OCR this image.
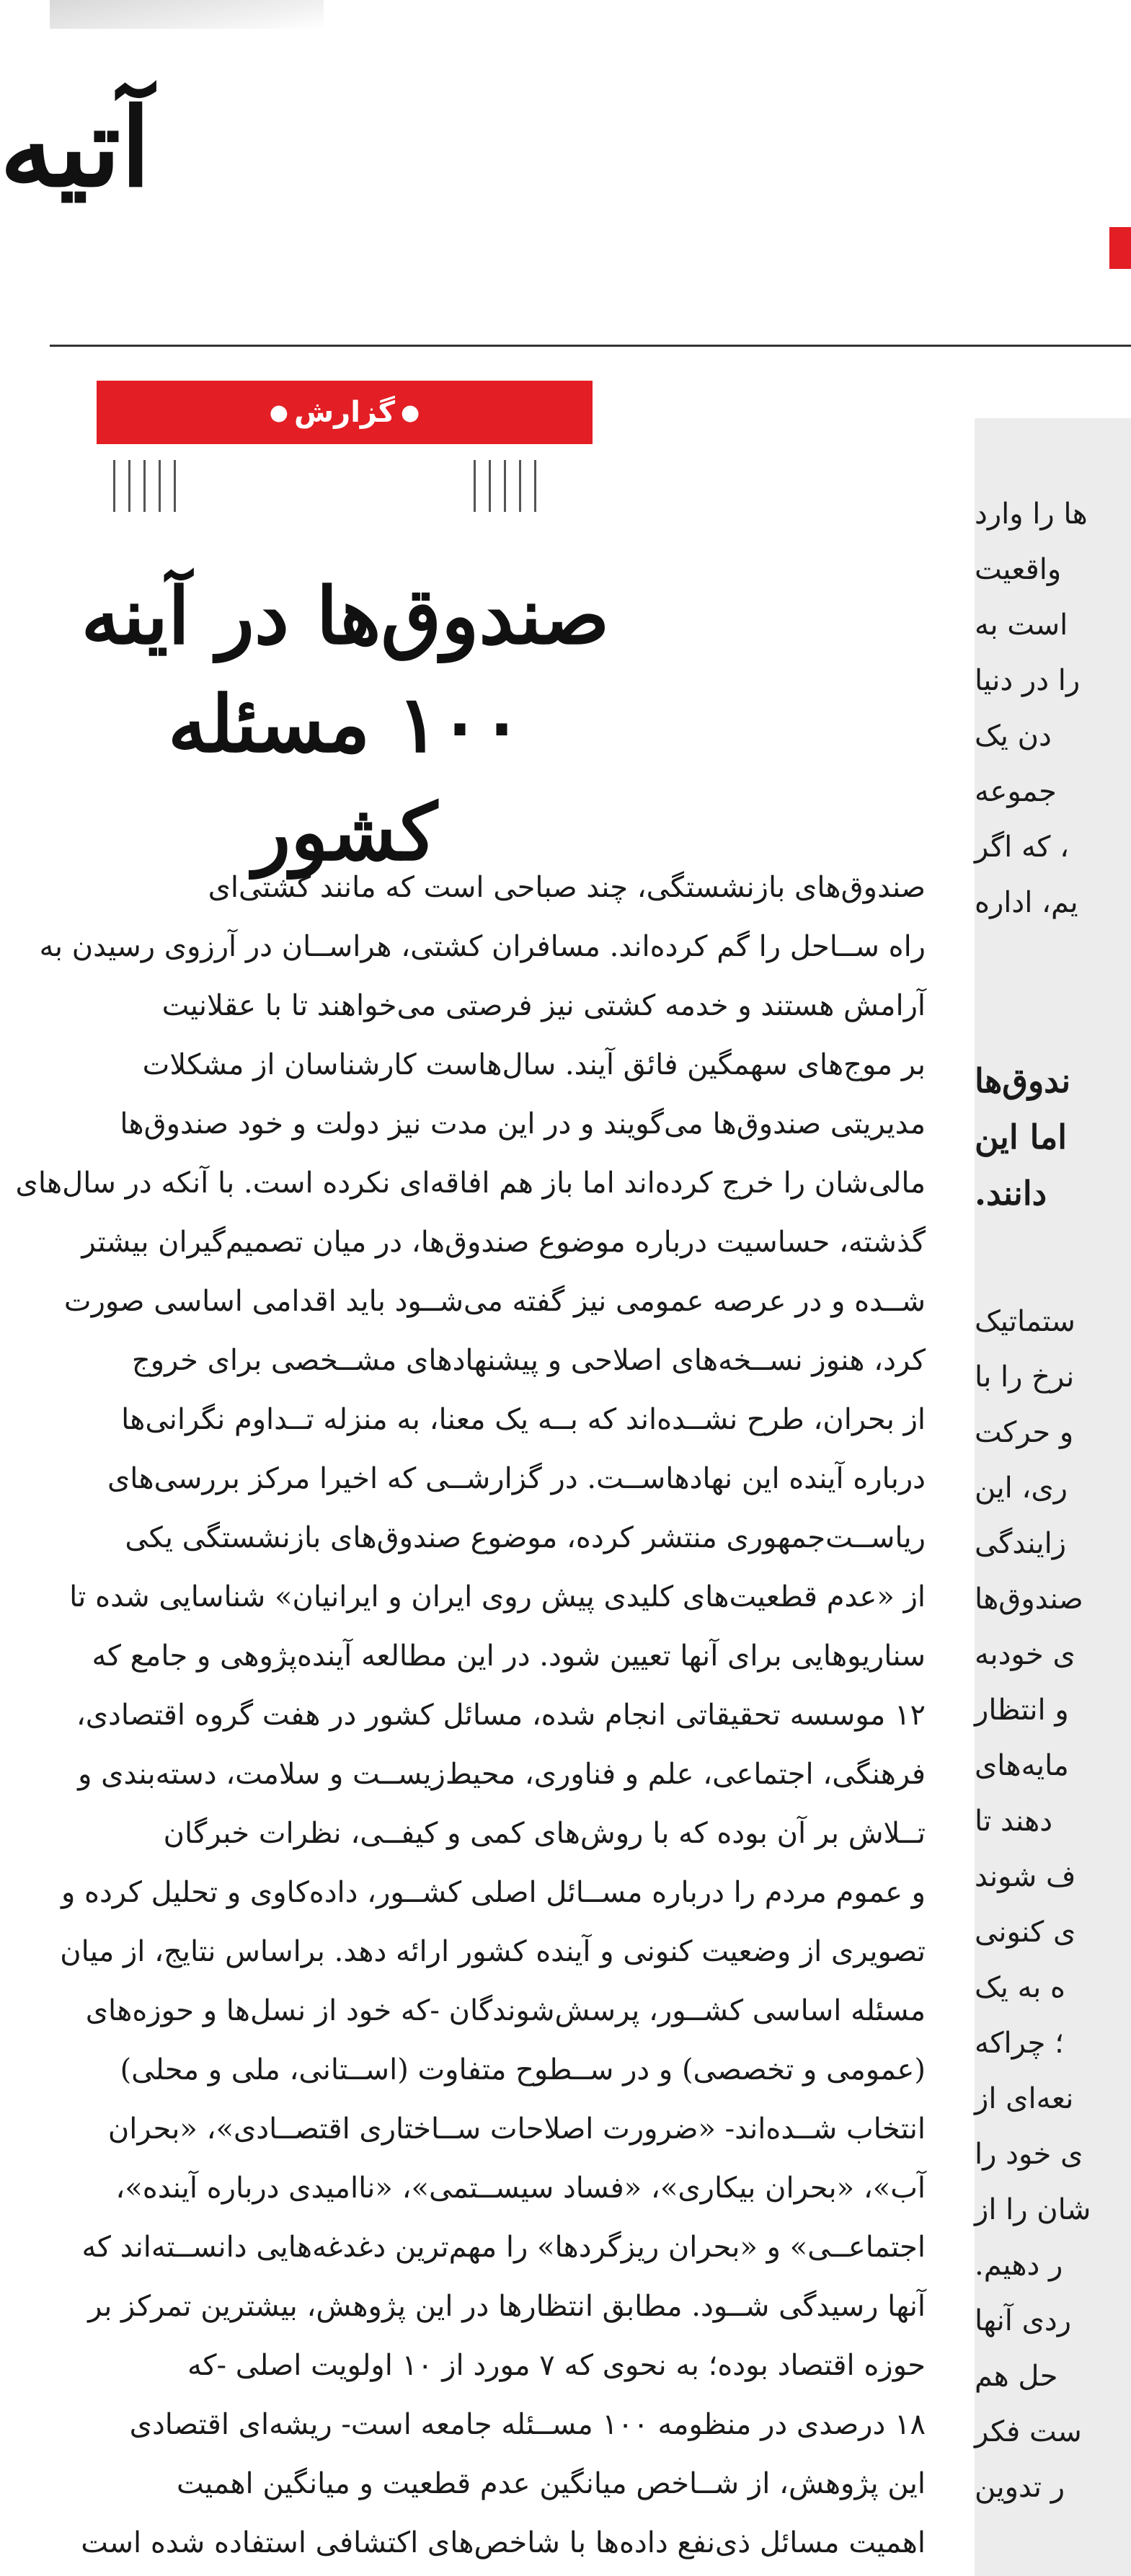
آتیه
●
گزارش
●
صندوق‌ها در آینه
۱۰۰ مسئله کشور

صندوق‌های بازنشستگی، چند صباحی است که مانند کشتی‌ای

راه ســاحل را گم کرده‌اند. مسافران کشتی، هراســان در آرزوی رسیدن به

آرامش هستند و خدمه کشتی نیز فرصتی می‌خواهند تا با عقلانیت

بر موج‌های سهمگین فائق آیند. سال‌هاست کارشناسان از مشکلات

مدیریتی صندوق‌ها می‌گویند و در این مدت نیز دولت و خود صندوق‌ها

مالی‌شان را خرج کرده‌اند اما باز هم افاقه‌ای نکرده است. با آنکه در سال‌های

گذشته، حساسیت درباره موضوع صندوق‌ها، در میان تصمیم‌گیران بیشتر

شــده و در عرصه عمومی نیز گفته می‌شــود باید اقدامی اساسی صورت

کرد، هنوز نســخه‌های اصلاحی و پیشنهادهای مشــخصی برای خروج

از بحران، طرح نشــده‌اند که بــه یک معنا، به منزله تــداوم نگرانی‌ها

درباره آینده این نهادهاســت. در گزارشــی که اخیرا مرکز بررسی‌های

ریاســت‌جمهوری منتشر کرده، موضوع صندوق‌های بازنشستگی یکی

از «عدم قطعیت‌های کلیدی پیش روی ایران و ایرانیان» شناسایی شده تا

سناریوهایی برای آنها تعیین شود. در این مطالعه آینده‌پژوهی و جامع که

۱۲ موسسه تحقیقاتی انجام شده، مسائل کشور در هفت گروه اقتصادی،

فرهنگی، اجتماعی، علم و فناوری، محیط‌زیســت و سلامت، دسته‌بندی و

تــلاش بر آن بوده که با روش‌های کمی و کیفــی، نظرات خبرگان

و عموم مردم را درباره مســائل اصلی کشــور، داده‌کاوی و تحلیل کرده و

تصویری از وضعیت کنونی و آینده کشور ارائه دهد. براساس نتایج، از میان

مسئله اساسی کشــور، پرسش‌شوندگان -که خود از نسل‌ها و حوزه‌های

(عمومی و تخصصی) و در ســطوح متفاوت (اســتانی، ملی و محلی)

انتخاب شــده‌اند- «ضرورت اصلاحات ســاختاری اقتصــادی»، «بحران

آب»، «بحران بیکاری»، «فساد سیســتمی»، «ناامیدی درباره آینده»،

اجتماعــی» و «بحران ریزگردها» را مهم‌ترین دغدغه‌هایی دانســته‌اند که

آنها رسیدگی شــود. مطابق انتظارها در این پژوهش، بیشترین تمرکز بر

حوزه اقتصاد بوده؛ به نحوی که ۷ مورد از ۱۰ اولویت اصلی -که

۱۸ درصدی در منظومه ۱۰۰ مســئله جامعه است- ریشه‌ای اقتصادی

این پژوهش، از شــاخص میانگین عدم قطعیت و میانگین اهمیت

اهمیت مسائل ذی‌نفع داده‌ها با شاخص‌های اکتشافی استفاده شده است

ها را وارد

واقعیت

است به

را در دنیا

دن یک

جموعه

، که اگر

یم، اداره

ندوق‌ها

اما این

دانند.

ستماتیک

نرخ را با

و حرکت

ری، این

زایندگی

صندوق‌ها

ی خودبه

و انتظار

مایه‌های

دهند تا

ف شوند

ی کنونی

ه به یک

؛ چراکه

نعه‌ای از

ی خود را

شان را از

ر دهیم.

ردی آنها

حل هم

ست فکر

ر تدوین
